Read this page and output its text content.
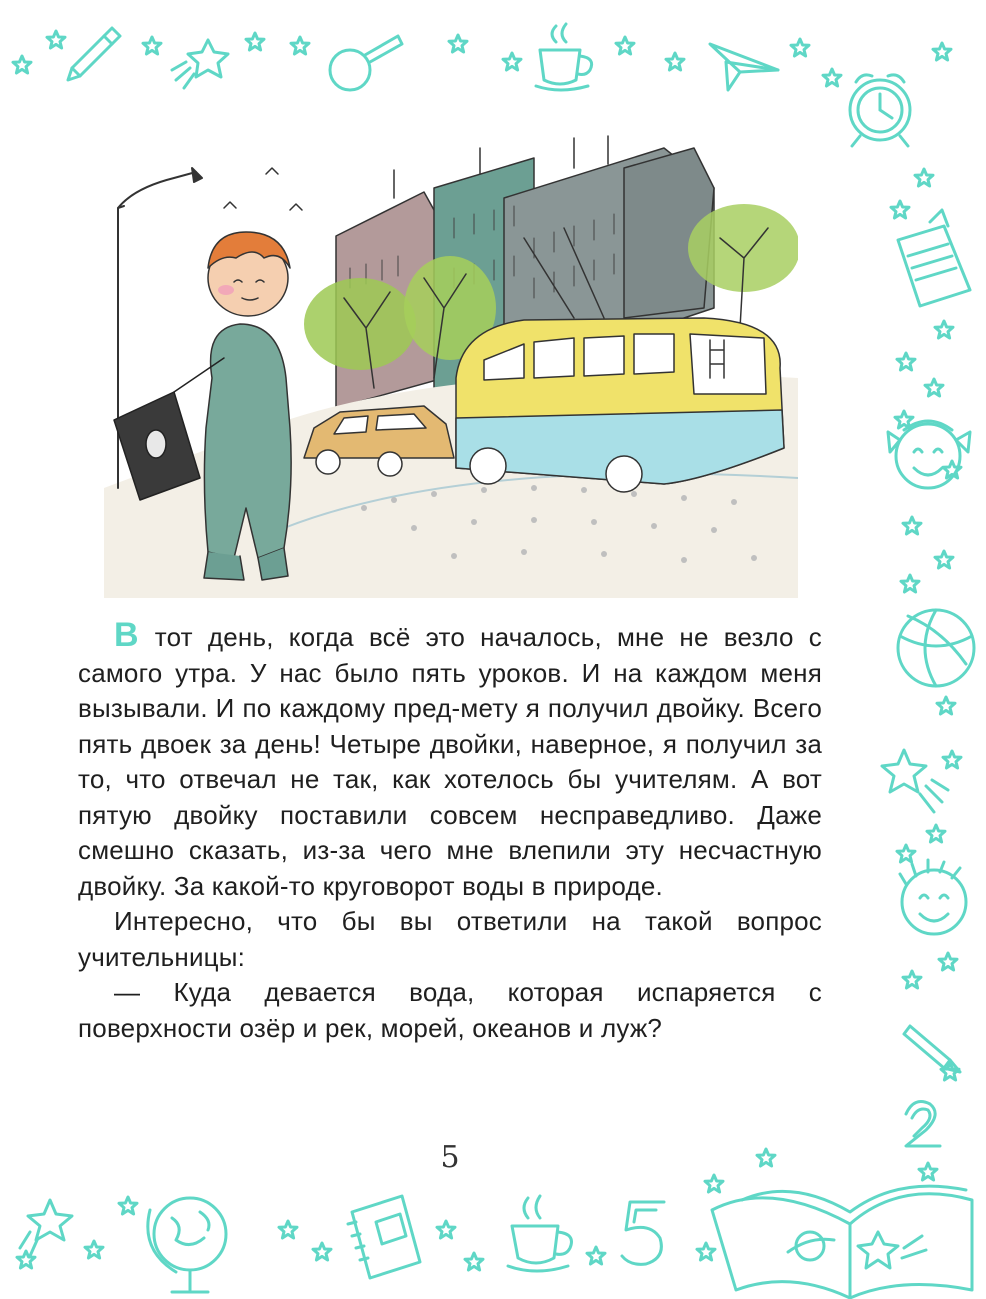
В тот день, когда всё это началось, мне не везло с самого утра. У нас было пять уроков. И на каждом меня вызывали. И по каждому пред-мету я получил двойку. Всего пять двоек за день! Четыре двойки, наверное, я получил за то, что отвечал не так, как хотелось бы учителям. А вот пятую двойку поставили совсем несправедливо. Даже смешно сказать, из-за чего мне влепили эту несчастную двойку. За какой-то круговорот воды в природе.

Интересно, что бы вы ответили на такой вопрос учительницы:

— Куда девается вода, которая испаряется с поверхности озёр и рек, морей, океанов и луж?

5
